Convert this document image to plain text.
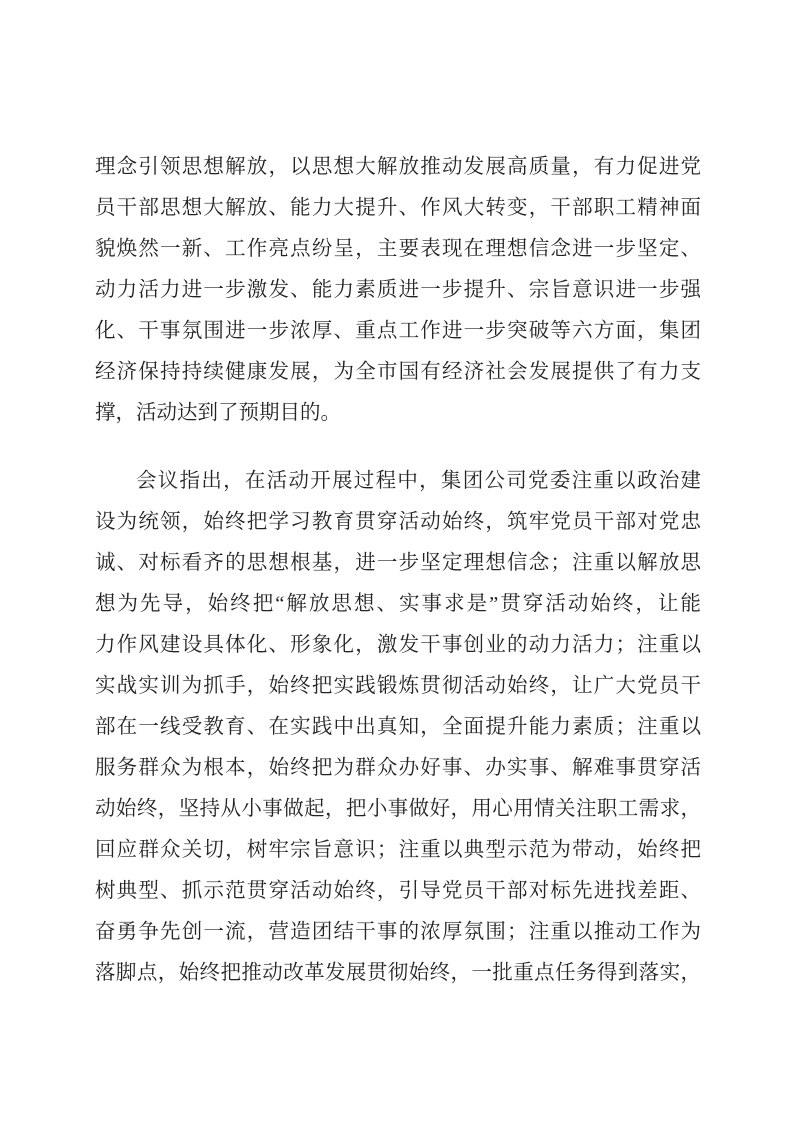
理念引领思想解放，以思想大解放推动发展高质量，有力促进党
员干部思想大解放、能力大提升、作风大转变，干部职工精神面
貌焕然一新、工作亮点纷呈，主要表现在理想信念进一步坚定、
动力活力进一步激发、能力素质进一步提升、宗旨意识进一步强
化、干事氛围进一步浓厚、重点工作进一步突破等六方面，集团
经济保持持续健康发展，为全市国有经济社会发展提供了有力支
撑，活动达到了预期目的。
会议指出，在活动开展过程中，集团公司党委注重以政治建
设为统领，始终把学习教育贯穿活动始终，筑牢党员干部对党忠
诚、对标看齐的思想根基，进一步坚定理想信念；注重以解放思
想为先导，始终把“解放思想、实事求是”贯穿活动始终，让能
力作风建设具体化、形象化，激发干事创业的动力活力；注重以
实战实训为抓手，始终把实践锻炼贯彻活动始终，让广大党员干
部在一线受教育、在实践中出真知，全面提升能力素质；注重以
服务群众为根本，始终把为群众办好事、办实事、解难事贯穿活
动始终，坚持从小事做起，把小事做好，用心用情关注职工需求，
回应群众关切，树牢宗旨意识；注重以典型示范为带动，始终把
树典型、抓示范贯穿活动始终，引导党员干部对标先进找差距、
奋勇争先创一流，营造团结干事的浓厚氛围；注重以推动工作为
落脚点，始终把推动改革发展贯彻始终，一批重点任务得到落实，
